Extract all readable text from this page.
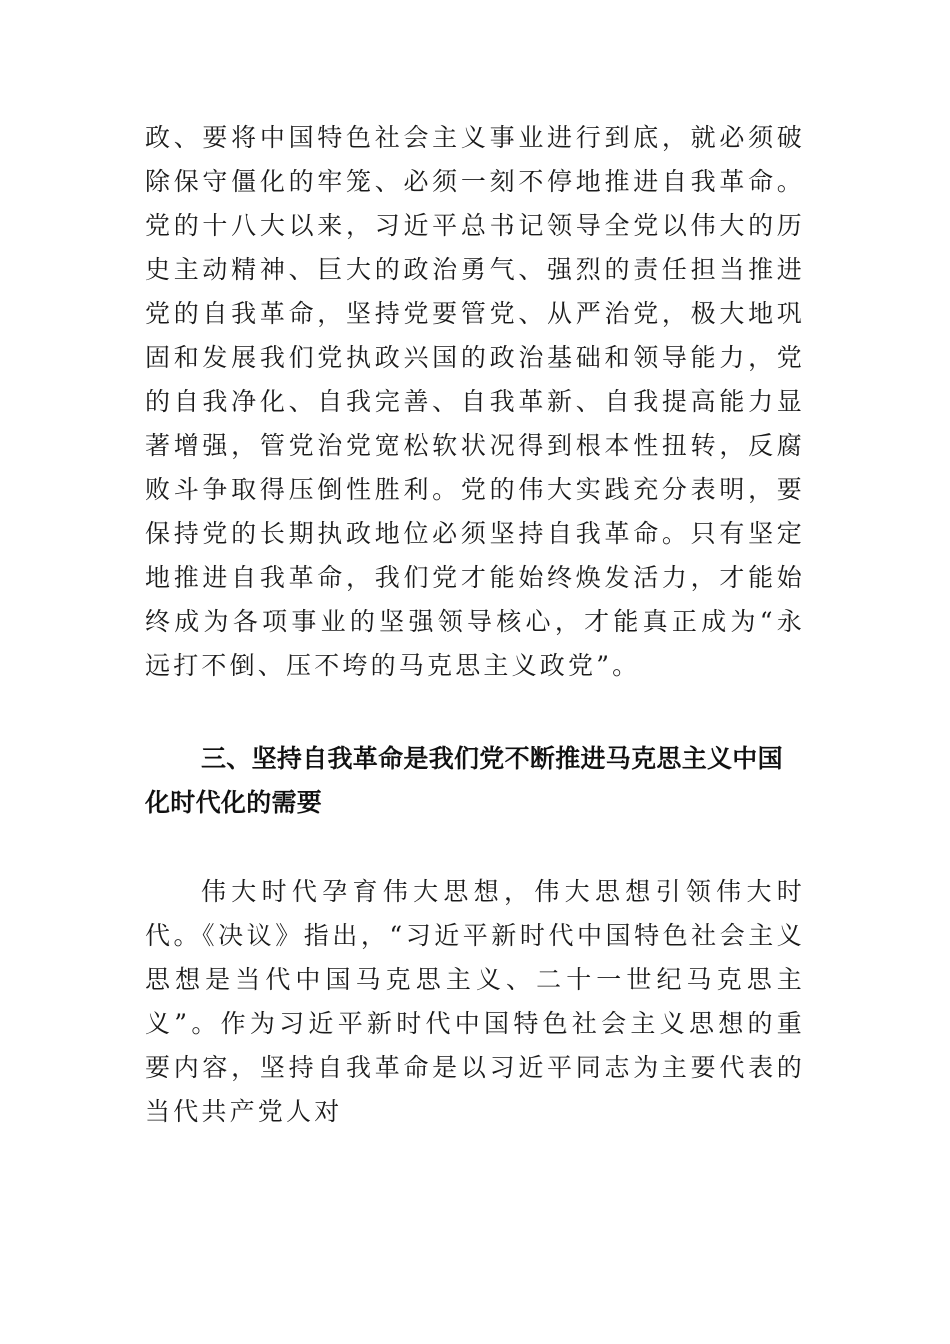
政、要将中国特色社会主义事业进行到底，就必须破除保守僵化的牢笼、必须一刻不停地推进自我革命。党的十八大以来，习近平总书记领导全党以伟大的历史主动精神、巨大的政治勇气、强烈的责任担当推进党的自我革命，坚持党要管党、从严治党，极大地巩固和发展我们党执政兴国的政治基础和领导能力，党的自我净化、自我完善、自我革新、自我提高能力显著增强，管党治党宽松软状况得到根本性扭转，反腐败斗争取得压倒性胜利。党的伟大实践充分表明，要保持党的长期执政地位必须坚持自我革命。只有坚定地推进自我革命，我们党才能始终焕发活力，才能始终成为各项事业的坚强领导核心，才能真正成为“永远打不倒、压不垮的马克思主义政党”。

三、坚持自我革命是我们党不断推进马克思主义中国化时代化的需要

伟大时代孕育伟大思想，伟大思想引领伟大时代。《决议》指出，“习近平新时代中国特色社会主义思想是当代中国马克思主义、二十一世纪马克思主义”。作为习近平新时代中国特色社会主义思想的重要内容，坚持自我革命是以习近平同志为主要代表的当代共产党人对
